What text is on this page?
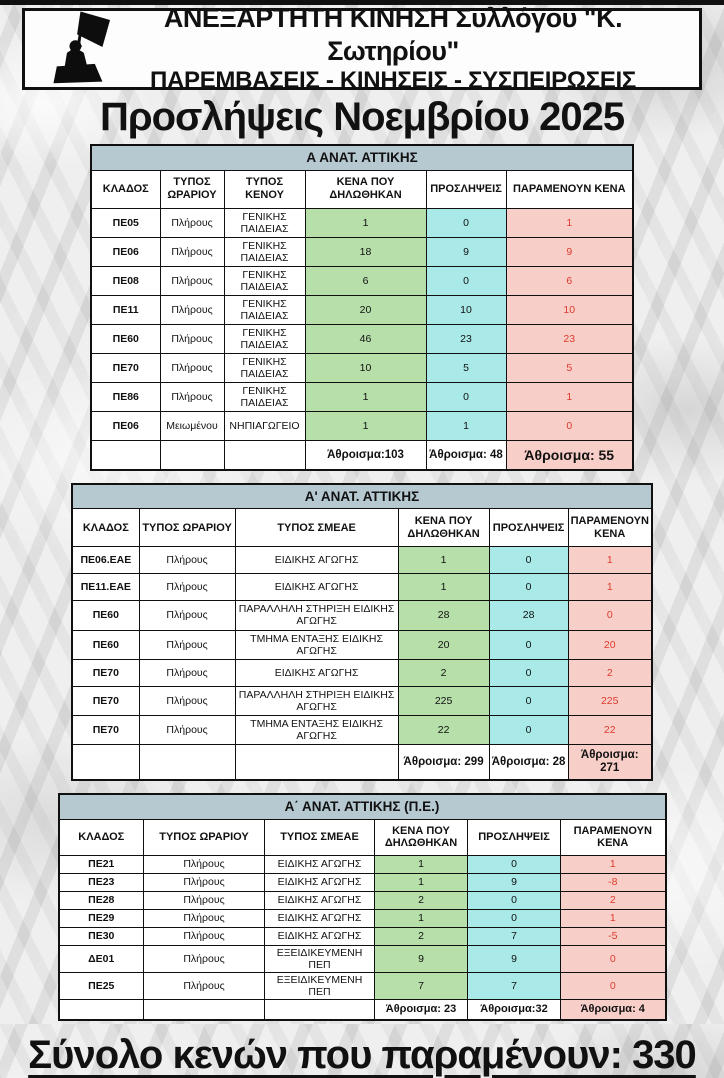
ΑΝΕΞΑΡΤΗΤΗ ΚΙΝΗΣΗ Συλλόγου "Κ. Σωτηρίου"
ΠΑΡΕΜΒΑΣΕΙΣ - ΚΙΝΗΣΕΙΣ - ΣΥΣΠΕΙΡΩΣΕΙΣ
Προσλήψεις Νοεμβρίου 2025
Α ΑΝΑΤ. ΑΤΤΙΚΗΣ					
ΚΛΑΔΟΣ	ΤΥΠΟΣ ΩΡΑΡΙΟΥ	ΤΥΠΟΣ ΚΕΝΟΥ	ΚΕΝΑ ΠΟΥ ΔΗΛΩΘΗΚΑΝ	ΠΡΟΣΛΗΨΕΙΣ	ΠΑΡΑΜΕΝΟΥΝ ΚΕΝΑ
ΠΕ05	Πλήρους	ΓΕΝΙΚΗΣ ΠΑΙΔΕΙΑΣ	1	0	1
ΠΕ06	Πλήρους	ΓΕΝΙΚΗΣ ΠΑΙΔΕΙΑΣ	18	9	9
ΠΕ08	Πλήρους	ΓΕΝΙΚΗΣ ΠΑΙΔΕΙΑΣ	6	0	6
ΠΕ11	Πλήρους	ΓΕΝΙΚΗΣ ΠΑΙΔΕΙΑΣ	20	10	10
ΠΕ60	Πλήρους	ΓΕΝΙΚΗΣ ΠΑΙΔΕΙΑΣ	46	23	23
ΠΕ70	Πλήρους	ΓΕΝΙΚΗΣ ΠΑΙΔΕΙΑΣ	10	5	5
ΠΕ86	Πλήρους	ΓΕΝΙΚΗΣ ΠΑΙΔΕΙΑΣ	1	0	1
ΠΕ06	Μειωμένου	ΝΗΠΙΑΓΩΓΕΙΟ	1	1	0
			Άθροισμα:103	Άθροισμα: 48	Άθροισμα: 55
Α' ΑΝΑΤ. ΑΤΤΙΚΗΣ					
ΚΛΑΔΟΣ	ΤΥΠΟΣ ΩΡΑΡΙΟΥ	ΤΥΠΟΣ ΣΜΕΑΕ	ΚΕΝΑ ΠΟΥ ΔΗΛΩΘΗΚΑΝ	ΠΡΟΣΛΗΨΕΙΣ	ΠΑΡΑΜΕΝΟΥΝ ΚΕΝΑ
ΠΕ06.ΕΑΕ	Πλήρους	ΕΙΔΙΚΗΣ ΑΓΩΓΗΣ	1	0	1
ΠΕ11.ΕΑΕ	Πλήρους	ΕΙΔΙΚΗΣ ΑΓΩΓΗΣ	1	0	1
ΠΕ60	Πλήρους	ΠΑΡΑΛΛΗΛΗ ΣΤΗΡΙΞΗ ΕΙΔΙΚΗΣ ΑΓΩΓΗΣ	28	28	0
ΠΕ60	Πλήρους	ΤΜΗΜΑ ΕΝΤΑΞΗΣ ΕΙΔΙΚΗΣ ΑΓΩΓΗΣ	20	0	20
ΠΕ70	Πλήρους	ΕΙΔΙΚΗΣ ΑΓΩΓΗΣ	2	0	2
ΠΕ70	Πλήρους	ΠΑΡΑΛΛΗΛΗ ΣΤΗΡΙΞΗ ΕΙΔΙΚΗΣ ΑΓΩΓΗΣ	225	0	225
ΠΕ70	Πλήρους	ΤΜΗΜΑ ΕΝΤΑΞΗΣ ΕΙΔΙΚΗΣ ΑΓΩΓΗΣ	22	0	22
			Άθροισμα: 299	Άθροισμα: 28	Άθροισμα: 271
Α΄ ΑΝΑΤ. ΑΤΤΙΚΗΣ (Π.Ε.)					
ΚΛΑΔΟΣ	ΤΥΠΟΣ ΩΡΑΡΙΟΥ	ΤΥΠΟΣ ΣΜΕΑΕ	ΚΕΝΑ ΠΟΥ ΔΗΛΩΘΗΚΑΝ	ΠΡΟΣΛΗΨΕΙΣ	ΠΑΡΑΜΕΝΟΥΝ ΚΕΝΑ
ΠΕ21	Πλήρους	ΕΙΔΙΚΗΣ ΑΓΩΓΗΣ	1	0	1
ΠΕ23	Πλήρους	ΕΙΔΙΚΗΣ ΑΓΩΓΗΣ	1	9	-8
ΠΕ28	Πλήρους	ΕΙΔΙΚΗΣ ΑΓΩΓΗΣ	2	0	2
ΠΕ29	Πλήρους	ΕΙΔΙΚΗΣ ΑΓΩΓΗΣ	1	0	1
ΠΕ30	Πλήρους	ΕΙΔΙΚΗΣ ΑΓΩΓΗΣ	2	7	-5
ΔΕ01	Πλήρους	ΕΞΕΙΔΙΚΕΥΜΕΝΗ ΠΕΠ	9	9	0
ΠΕ25	Πλήρους	ΕΞΕΙΔΙΚΕΥΜΕΝΗ ΠΕΠ	7	7	0
			Άθροισμα: 23	Άθροισμα:32	Άθροισμα: 4
Σύνολο κενών που παραμένουν: 330
